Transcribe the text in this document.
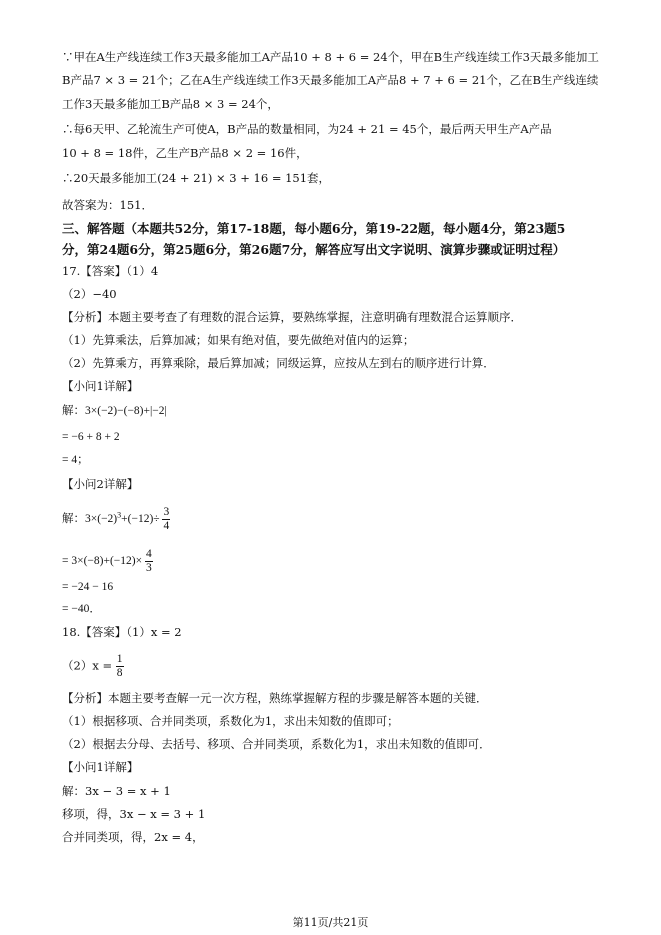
∵甲在A生产线连续工作3天最多能加工A产品10 + 8 + 6 = 24个，甲在B生产线连续工作3天最多能加工
B产品7 × 3 = 21个；乙在A生产线连续工作3天最多能加工A产品8 + 7 + 6 = 21个，乙在B生产线连续
工作3天最多能加工B产品8 × 3 = 24个，
∴每6天甲、乙轮流生产可使A，B产品的数量相同，为24 + 21 = 45个，最后两天甲生产A产品
10 + 8 = 18件，乙生产B产品8 × 2 = 16件，
∴20天最多能加工(24 + 21) × 3 + 16 = 151套，
故答案为：151．
三、解答题（本题共52分，第17-18题，每小题6分，第19-22题，每小题4分，第23题5
分，第24题6分，第25题6分，第26题7分，解答应写出文字说明、演算步骤或证明过程）
17.【答案】（1）4
（2）−40
【分析】本题主要考查了有理数的混合运算，要熟练掌握，注意明确有理数混合运算顺序．
（1）先算乘法，后算加减；如果有绝对值，要先做绝对值内的运算；
（2）先算乘方，再算乘除，最后算加减；同级运算，应按从左到右的顺序进行计算．
【小问1详解】
解：3×(−2)−(−8)+|−2|
= −6 + 8 + 2
= 4；
【小问2详解】
解：$3\times(-2)^3+(-12)\div \frac{3}{4}$
= $3\times(-8)+(-12)\times \frac{4}{3}$
= −24 − 16
= −40．
18.【答案】（1）x = 2
$(2)x = \frac{1}{8}$
【分析】本题主要考查解一元一次方程，熟练掌握解方程的步骤是解答本题的关键．
（1）根据移项、合并同类项，系数化为1，求出未知数的值即可；
（2）根据去分母、去括号、移项、合并同类项，系数化为1，求出未知数的值即可．
【小问1详解】
解：3x − 3 = x + 1
移项，得，3x − x = 3 + 1
合并同类项，得，2x = 4，
第11页/共21页
